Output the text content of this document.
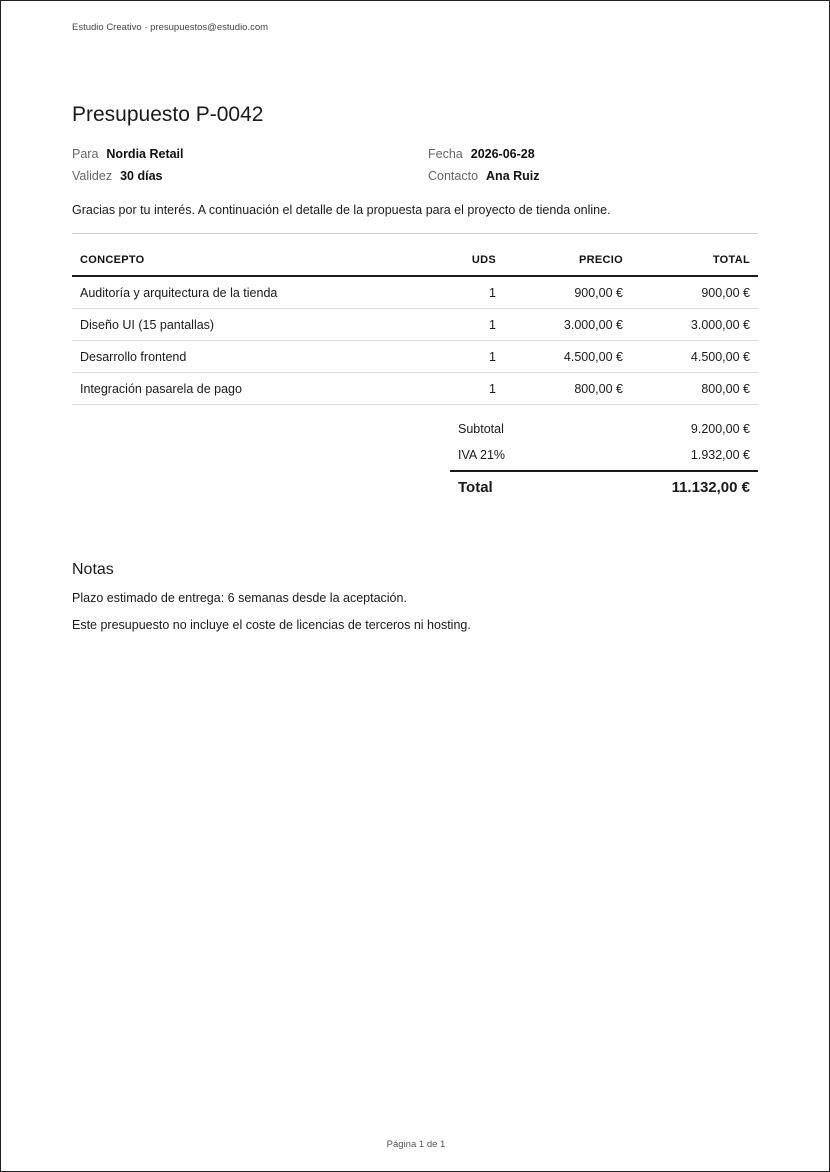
Estudio Creativo · presupuestos@estudio.com
Presupuesto P-0042
Para Nordia Retail	Fecha 2026-06-28
Validez 30 días	Contacto Ana Ruiz

Gracias por tu interés. A continuación el detalle de la propuesta para el proyecto de tienda online.

CONCEPTO	UDS	PRECIO	TOTAL
Auditoría y arquitectura de la tienda	1	900,00 €	900,00 €
Diseño UI (15 pantallas)	1	3.000,00 €	3.000,00 €
Desarrollo frontend	1	4.500,00 €	4.500,00 €
Integración pasarela de pago	1	800,00 €	800,00 €
Subtotal	9.200,00 €
IVA 21%	1.932,00 €
Total	11.132,00 €
Notas

Plazo estimado de entrega: 6 semanas desde la aceptación.

Este presupuesto no incluye el coste de licencias de terceros ni hosting.

Página 1 de 1
